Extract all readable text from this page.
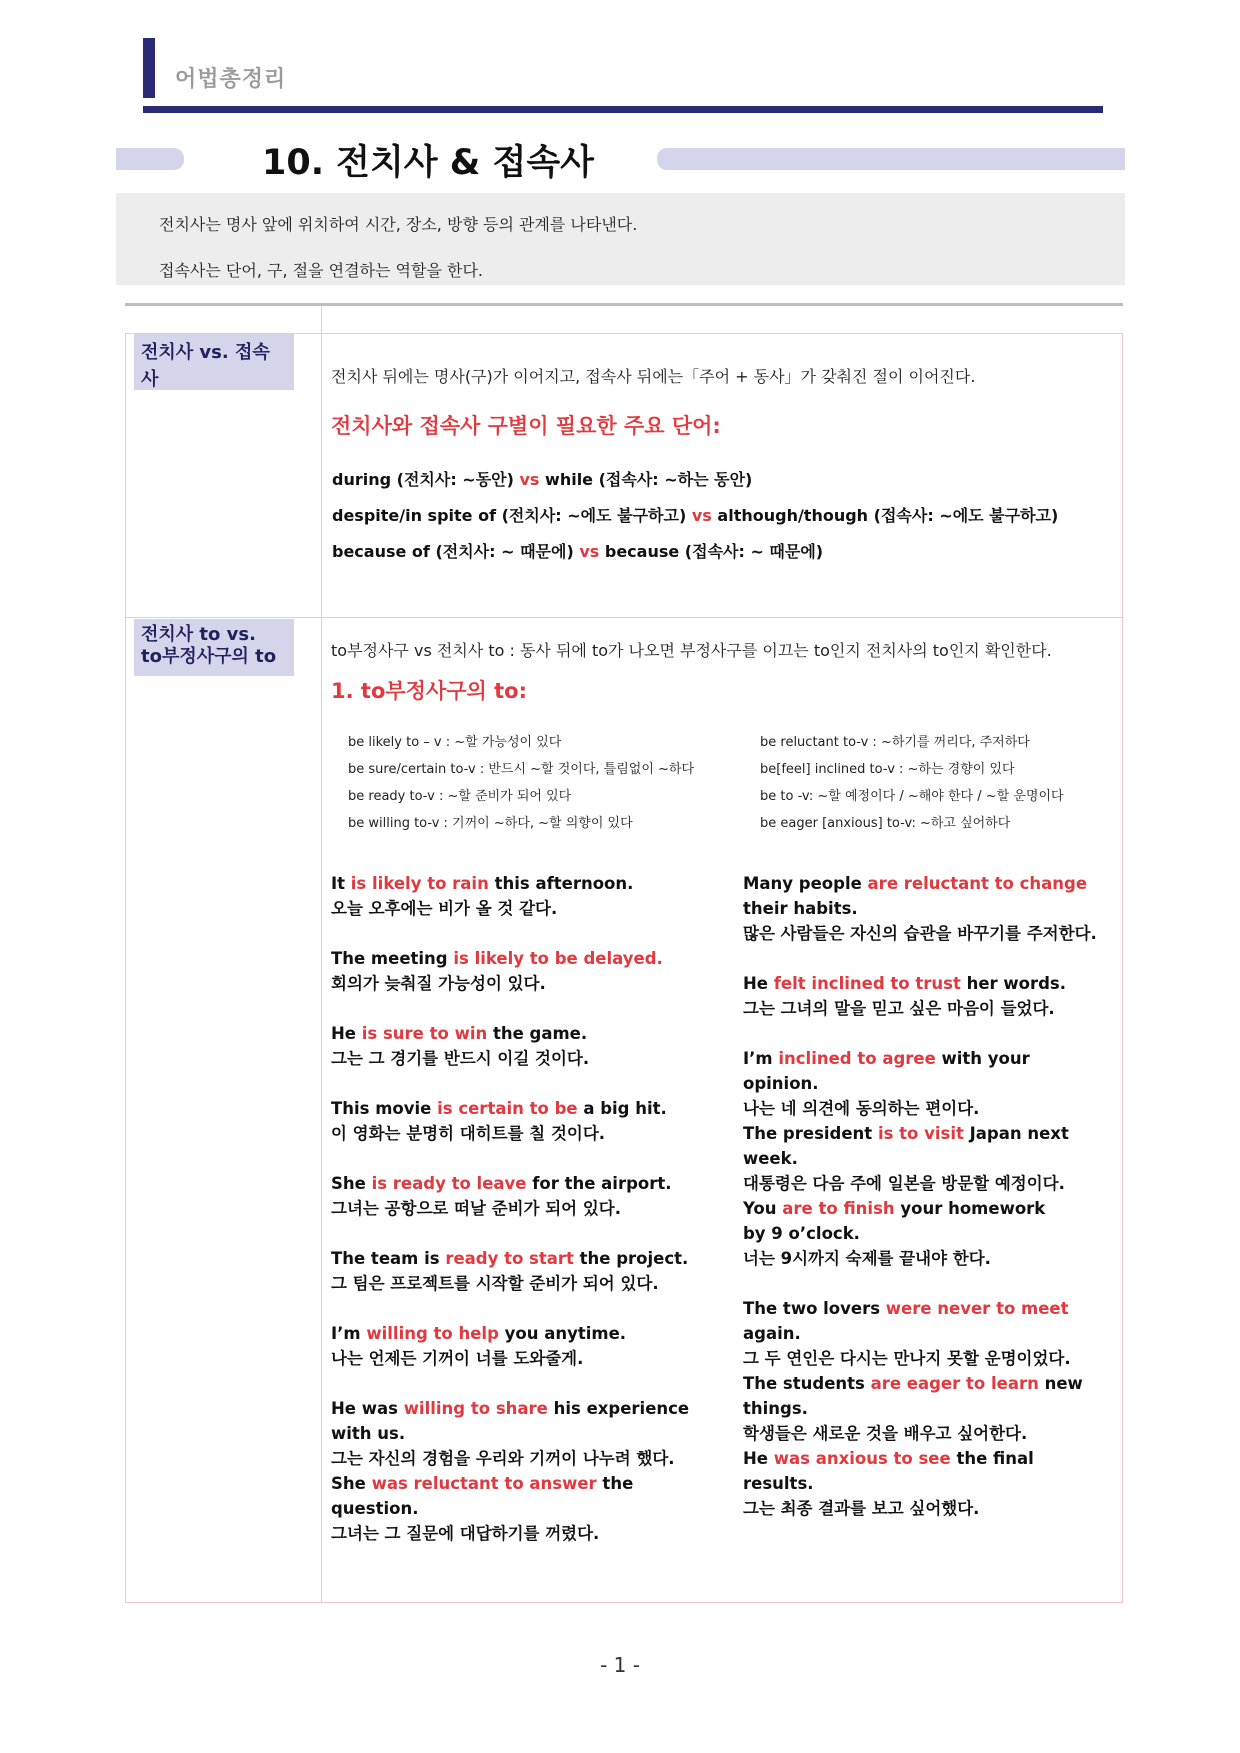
어법총정리
10. 전치사 & 접속사
전치사는 명사 앞에 위치하여 시간, 장소, 방향 등의 관계를 나타낸다.
접속사는 단어, 구, 절을 연결하는 역할을 한다.
전치사 vs. 접속사	전치사 뒤에는 명사(구)가 이어지고, 접속사 뒤에는「주어 + 동사」가 갖춰진 절이 이어진다.
전치사와 접속사 구별이 필요한 주요 단어:
during (전치사: ~동안) vs while (접속사: ~하는 동안)
despite/in spite of (전치사: ~에도 불구하고) vs although/though (접속사: ~에도 불구하고)
because of (전치사: ~ 때문에) vs because (접속사: ~ 때문에)
전치사 to vs.
to부정사구의 to	to부정사구 vs 전치사 to : 동사 뒤에 to가 나오면 부정사구를 이끄는 to인지 전치사의 to인지 확인한다.
1. to부정사구의 to:
be likely to – v : ~할 가능성이 있다
be sure/certain to-v : 반드시 ~할 것이다, 틀림없이 ~하다
be ready to-v : ~할 준비가 되어 있다
be willing to-v : 기꺼이 ~하다, ~할 의향이 있다
be reluctant to-v : ~하기를 꺼리다, 주저하다
be[feel] inclined to-v : ~하는 경향이 있다
be to -v: ~할 예정이다 / ~해야 한다 / ~할 운명이다
be eager [anxious] to-v: ~하고 싶어하다
It is likely to rain this afternoon.
오늘 오후에는 비가 올 것 같다.
The meeting is likely to be delayed.
회의가 늦춰질 가능성이 있다.
He is sure to win the game.
그는 그 경기를 반드시 이길 것이다.
This movie is certain to be a big hit.
이 영화는 분명히 대히트를 칠 것이다.
She is ready to leave for the airport.
그녀는 공항으로 떠날 준비가 되어 있다.
The team is ready to start the project.
그 팀은 프로젝트를 시작할 준비가 되어 있다.
I’m willing to help you anytime.
나는 언제든 기꺼이 너를 도와줄게.
He was willing to share his experience with us.
그는 자신의 경험을 우리와 기꺼이 나누려 했다.
She was reluctant to answer the question.
그녀는 그 질문에 대답하기를 꺼렸다.
Many people are reluctant to change their habits.
많은 사람들은 자신의 습관을 바꾸기를 주저한다.
He felt inclined to trust her words.
그는 그녀의 말을 믿고 싶은 마음이 들었다.
I’m inclined to agree with your opinion.
나는 네 의견에 동의하는 편이다.
The president is to visit Japan next week.
대통령은 다음 주에 일본을 방문할 예정이다.
You are to finish your homework by 9 o’clock.
너는 9시까지 숙제를 끝내야 한다.
The two lovers were never to meet again.
그 두 연인은 다시는 만나지 못할 운명이었다.
The students are eager to learn new things.
학생들은 새로운 것을 배우고 싶어한다.
He was anxious to see the final results.
그는 최종 결과를 보고 싶어했다.
- 1 -
